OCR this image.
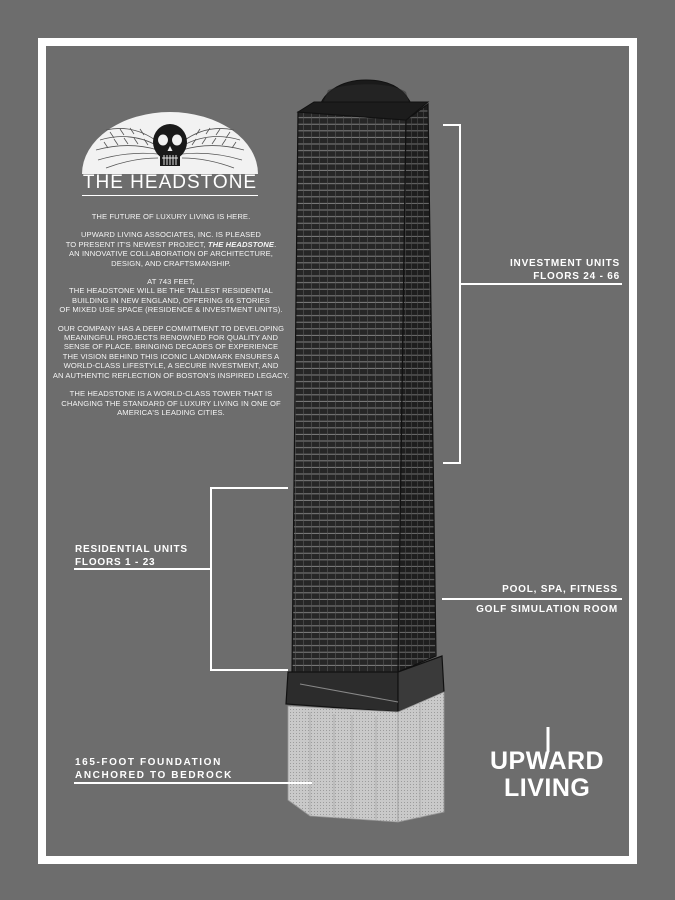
THE HEADSTONE

THE FUTURE OF LUXURY LIVING IS HERE.

UPWARD LIVING ASSOCIATES, INC. IS PLEASED
TO PRESENT IT'S NEWEST PROJECT, THE HEADSTONE.
AN INNOVATIVE COLLABORATION OF ARCHITECTURE,
DESIGN, AND CRAFTSMANSHIP.

AT 743 FEET,
THE HEADSTONE WILL BE THE TALLEST RESIDENTIAL
BUILDING IN NEW ENGLAND, OFFERING 66 STORIES
OF MIXED USE SPACE (RESIDENCE & INVESTMENT UNITS).

OUR COMPANY HAS A DEEP COMMITMENT TO DEVELOPING
MEANINGFUL PROJECTS RENOWNED FOR QUALITY AND
SENSE OF PLACE. BRINGING DECADES OF EXPERIENCE
THE VISION BEHIND THIS ICONIC LANDMARK ENSURES A
WORLD-CLASS LIFESTYLE, A SECURE INVESTMENT, AND
AN AUTHENTIC REFLECTION OF BOSTON'S INSPIRED LEGACY.

THE HEADSTONE IS A WORLD-CLASS TOWER THAT IS
CHANGING THE STANDARD OF LUXURY LIVING IN ONE OF
AMERICA'S LEADING CITIES.

INVESTMENT UNITS
FLOORS 24 - 66
RESIDENTIAL UNITS
FLOORS 1 - 23
POOL, SPA, FITNESS
GOLF SIMULATION ROOM
165-FOOT FOUNDATION
ANCHORED TO BEDROCK
UPWARD
LIVING
